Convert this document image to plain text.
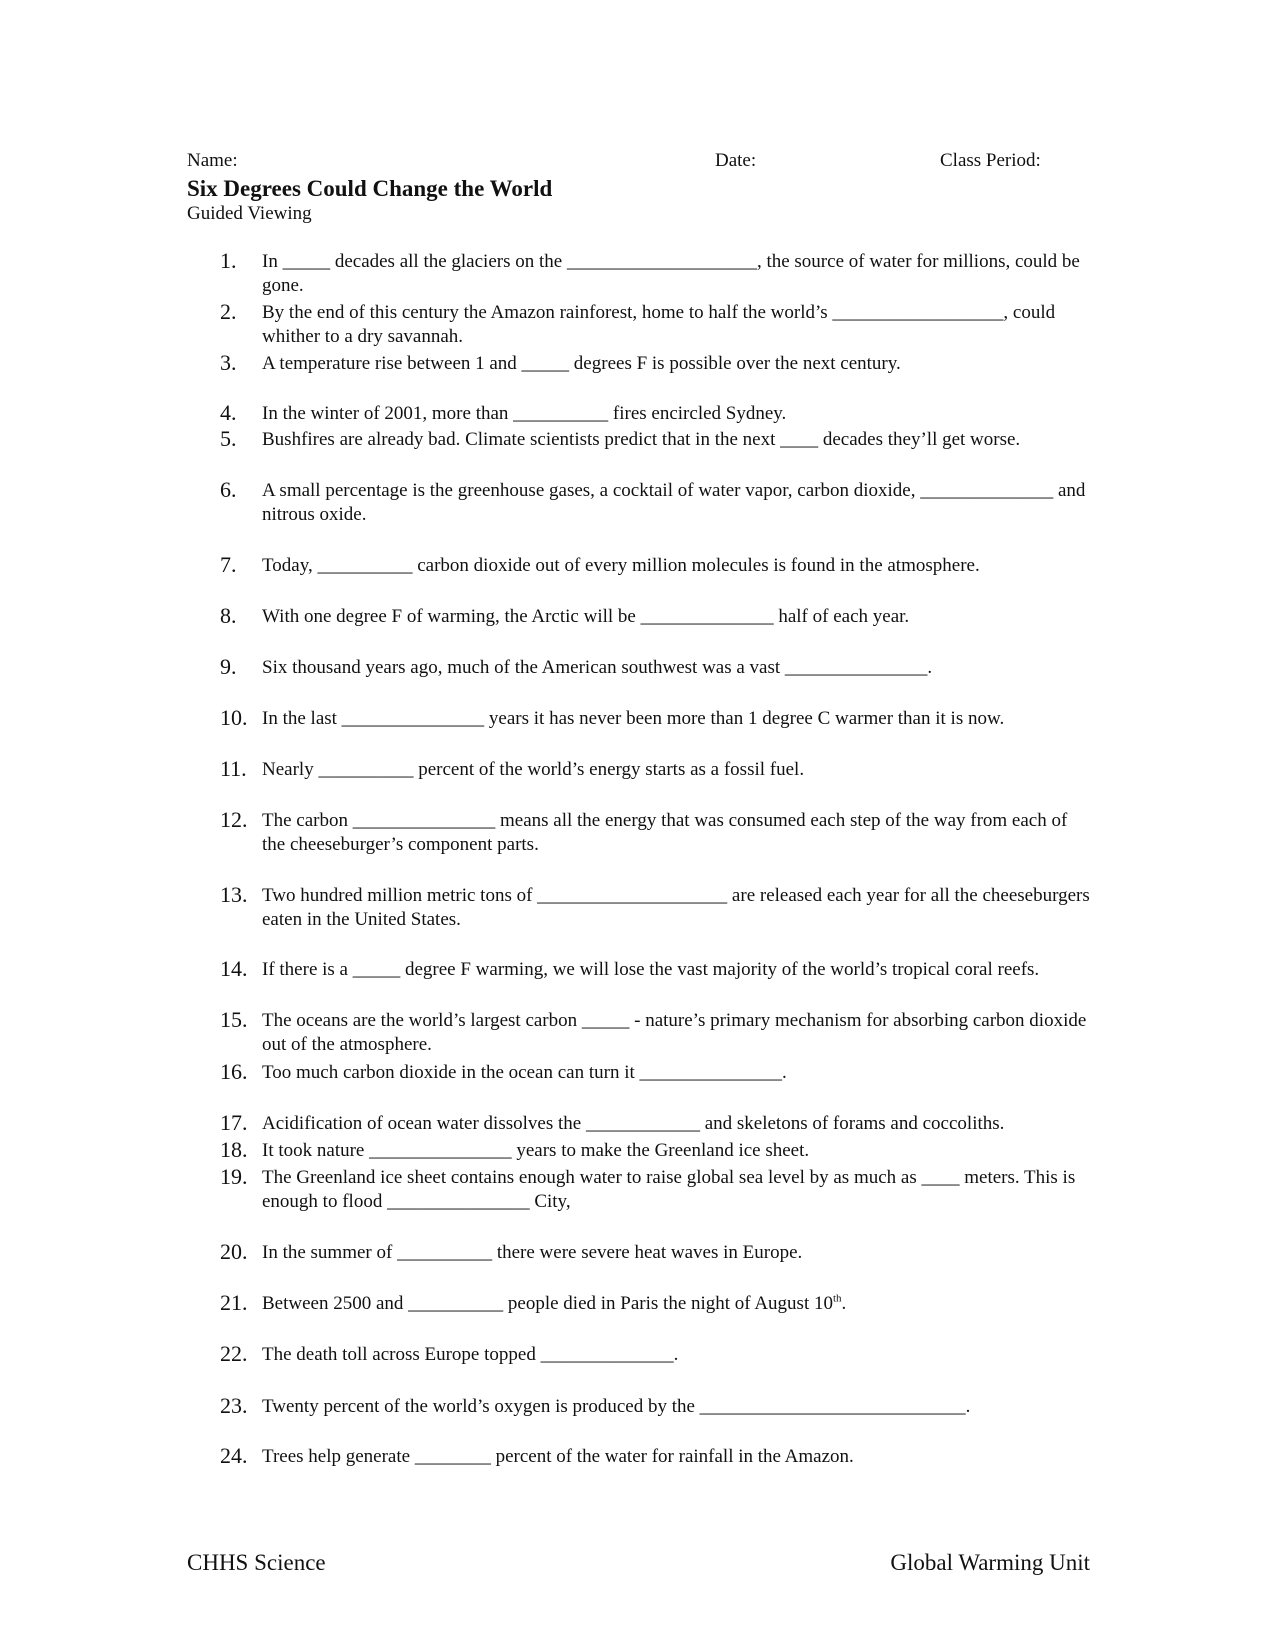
Name:	Date:	Class Period:
Six Degrees Could Change the World
Guided Viewing
1.	In _____ decades all the glaciers on the ____________________, the source of water for millions, could be gone.
2.	By the end of this century the Amazon rainforest, home to half the world’s __________________, could whither to a dry savannah.
3.	A temperature rise between 1 and _____ degrees F is possible over the next century.
4.	In the winter of 2001, more than __________ fires encircled Sydney.
5.	Bushfires are already bad. Climate scientists predict that in the next ____ decades they’ll get worse.
6.	A small percentage is the greenhouse gases, a cocktail of water vapor, carbon dioxide, ______________ and nitrous oxide.
7.	Today, __________ carbon dioxide out of every million molecules is found in the atmosphere.
8.	With one degree F of warming, the Arctic will be ______________ half of each year.
9.	Six thousand years ago, much of the American southwest was a vast _______________.
10. In the last _______________ years it has never been more than 1 degree C warmer than it is now.
11. Nearly __________ percent of the world’s energy starts as a fossil fuel.
12. The carbon _______________ means all the energy that was consumed each step of the way from each of the cheeseburger’s component parts.
13. Two hundred million metric tons of ____________________ are released each year for all the cheeseburgers eaten in the United States.
14. If there is a _____ degree F warming, we will lose the vast majority of the world’s tropical coral reefs.
15. The oceans are the world’s largest carbon _____ - nature’s primary mechanism for absorbing carbon dioxide out of the atmosphere.
16. Too much carbon dioxide in the ocean can turn it _______________.
17. Acidification of ocean water dissolves the ____________ and skeletons of forams and coccoliths.
18. It took nature _______________ years to make the Greenland ice sheet.
19. The Greenland ice sheet contains enough water to raise global sea level by as much as ____ meters. This is enough to flood _______________ City,
20. In the summer of __________ there were severe heat waves in Europe.
21. Between 2500 and __________ people died in Paris the night of August 10th.
22. The death toll across Europe topped ______________.
23. Twenty percent of the world’s oxygen is produced by the ____________________________.
24. Trees help generate ________ percent of the water for rainfall in the Amazon.
CHHS Science	Global Warming Unit
